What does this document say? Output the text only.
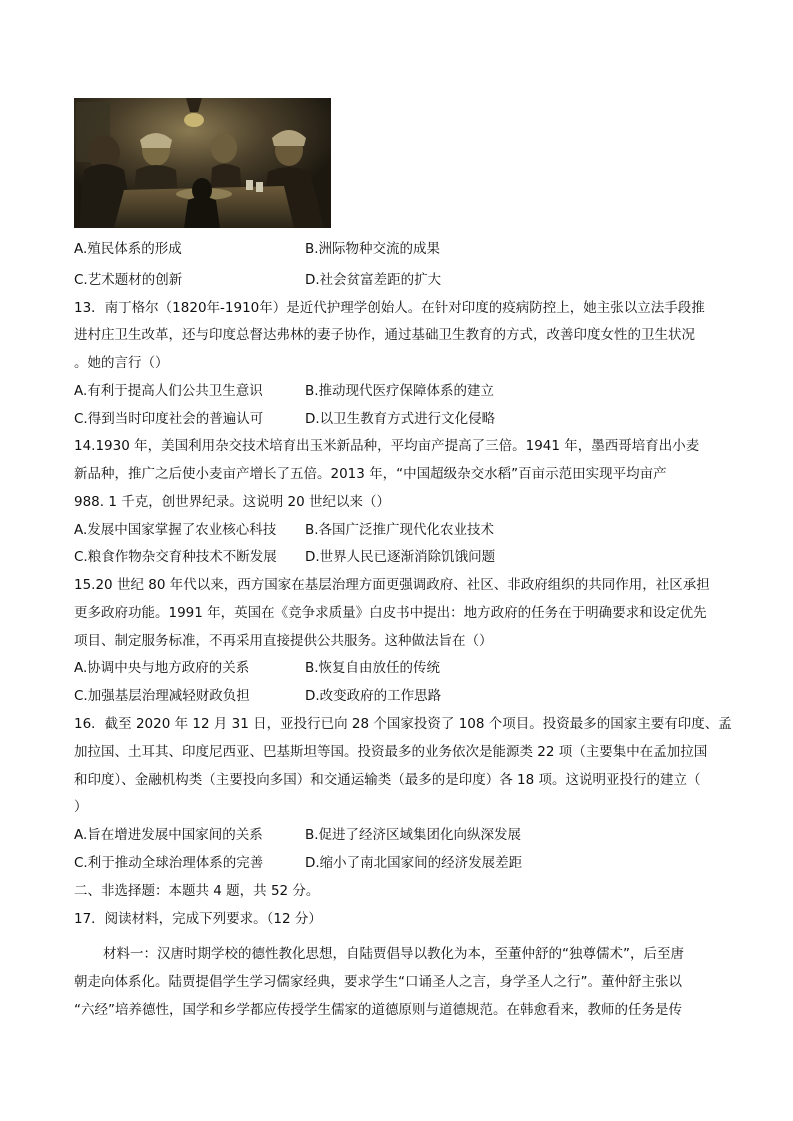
A.殖民体系的形成	B.洲际物种交流的成果
C.艺术题材的创新	D.社会贫富差距的扩大
13．南丁格尔（1820年-1910年）是近代护理学创始人。在针对印度的疫病防控上，她主张以立法手段推
进村庄卫生改革，还与印度总督达弗林的妻子协作，通过基础卫生教育的方式，改善印度女性的卫生状况
。她的言行（）
A.有利于提高人们公共卫生意识	B.推动现代医疗保障体系的建立
C.得到当时印度社会的普遍认可	D.以卫生教育方式进行文化侵略
14.1930 年，美国利用杂交技术培育出玉米新品种，平均亩产提高了三倍。1941 年，墨西哥培育出小麦
新品种，推广之后使小麦亩产增长了五倍。2013 年，“中国超级杂交水稻”百亩示范田实现平均亩产
988. 1 千克，创世界纪录。这说明 20 世纪以来（）
A.发展中国家掌握了农业核心科技 B.各国广泛推广现代化农业技术
C.粮食作物杂交育种技术不断发展 D.世界人民已逐渐消除饥饿问题
15.20 世纪 80 年代以来，西方国家在基层治理方面更强调政府、社区、非政府组织的共同作用，社区承担
更多政府功能。1991 年，英国在《竞争求质量》白皮书中提出：地方政府的任务在于明确要求和设定优先
项目、制定服务标准，不再采用直接提供公共服务。这种做法旨在（）
A.协调中央与地方政府的关系	B.恢复自由放任的传统
C.加强基层治理减轻财政负担	D.改变政府的工作思路
16．截至 2020 年 12 月 31 日，亚投行已向 28 个国家投资了 108 个项目。投资最多的国家主要有印度、孟
加拉国、土耳其、印度尼西亚、巴基斯坦等国。投资最多的业务依次是能源类 22 项（主要集中在孟加拉国
和印度）、金融机构类（主要投向多国）和交通运输类（最多的是印度）各 18 项。这说明亚投行的建立（
）
A.旨在增进发展中国家间的关系	B.促进了经济区域集团化向纵深发展
C.利于推动全球治理体系的完善	D.缩小了南北国家间的经济发展差距
二、非选择题：本题共 4 题，共 52 分。
17．阅读材料，完成下列要求。（12 分）
材料一：汉唐时期学校的德性教化思想，自陆贾倡导以教化为本，至董仲舒的“独尊儒术”，后至唐
朝走向体系化。陆贾提倡学生学习儒家经典，要求学生“口诵圣人之言，身学圣人之行”。董仲舒主张以
“六经”培养德性，国学和乡学都应传授学生儒家的道德原则与道德规范。在韩愈看来，教师的任务是传
